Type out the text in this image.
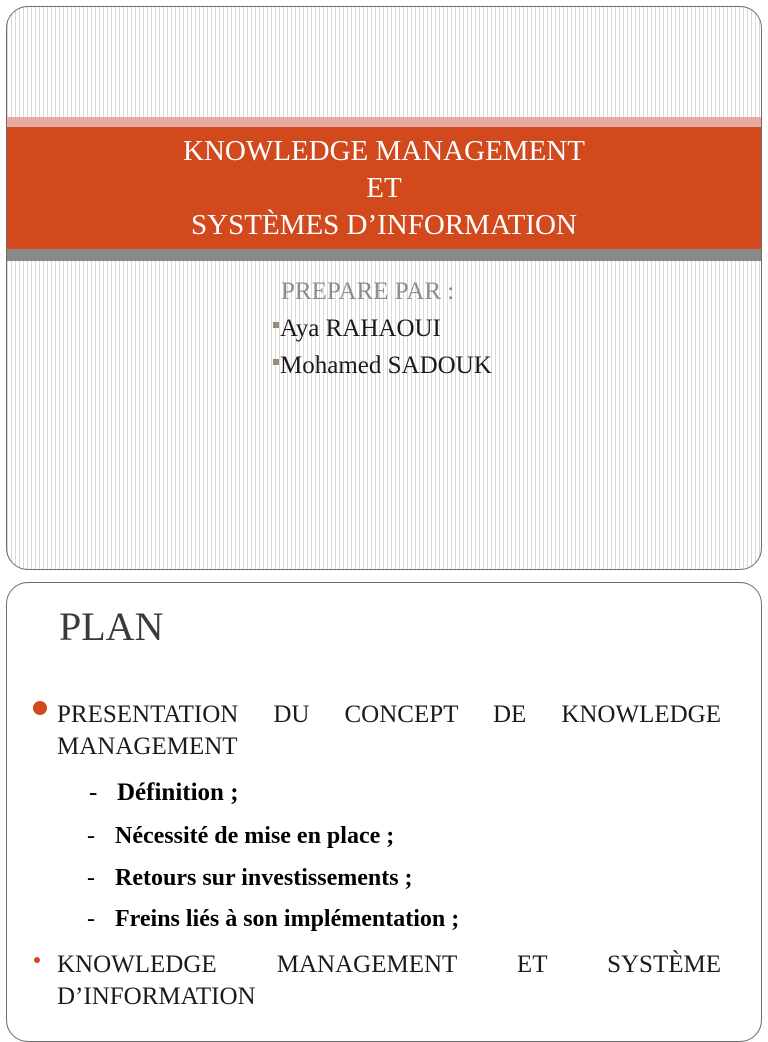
KNOWLEDGE MANAGEMENT
ET
SYSTÈMES D’INFORMATION
PREPARE PAR :
Aya RAHAOUI
Mohamed SADOUK
PLAN
PRESENTATION DU CONCEPT DE KNOWLEDGE
MANAGEMENT
- Définition ;
- Nécessité de mise en place ;
- Retours sur investissements ;
- Freins liés à son implémentation ;
KNOWLEDGE MANAGEMENT ET SYSTÈME
D’INFORMATION
